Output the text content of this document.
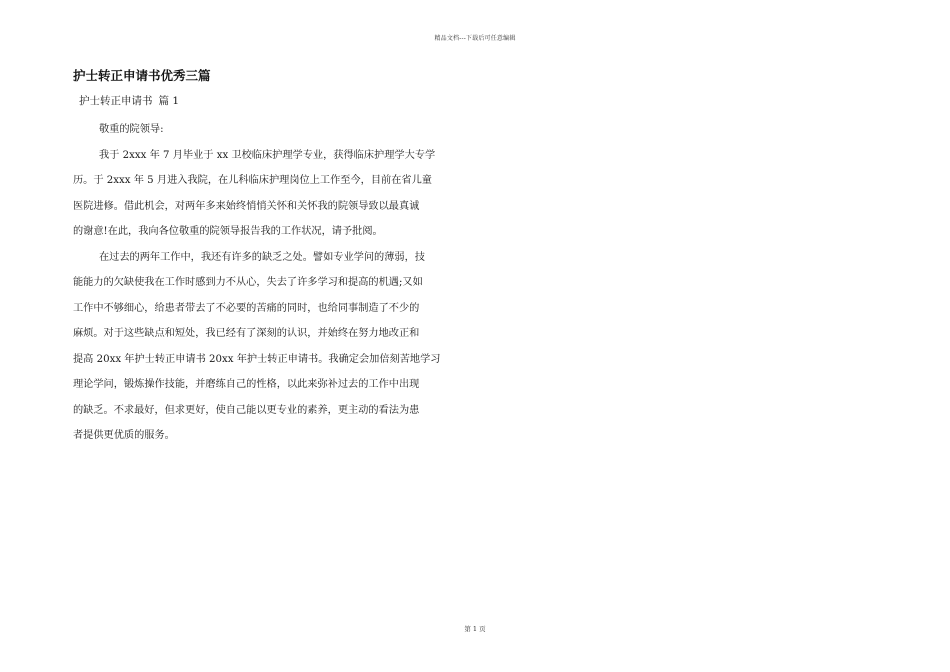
精品文档---下载后可任意编辑
护士转正申请书优秀三篇
护士转正申请书 篇 1
敬重的院领导:
我于 2xxx 年 7 月毕业于 xx 卫校临床护理学专业，获得临床护理学大专学
历。于 2xxx 年 5 月进入我院，在儿科临床护理岗位上工作至今，目前在省儿童
医院进修。借此机会，对两年多来始终悄悄关怀和关怀我的院领导致以最真诚
的谢意!在此，我向各位敬重的院领导报告我的工作状况，请予批阅。
在过去的两年工作中，我还有许多的缺乏之处。譬如专业学问的薄弱，技
能能力的欠缺使我在工作时感到力不从心，失去了许多学习和提高的机遇;又如
工作中不够细心，给患者带去了不必要的苦痛的同时，也给同事制造了不少的
麻烦。对于这些缺点和短处，我已经有了深刻的认识，并始终在努力地改正和
提高 20xx 年护士转正申请书 20xx 年护士转正申请书。我确定会加倍刻苦地学习
理论学问，锻炼操作技能，并磨练自己的性格，以此来弥补过去的工作中出现
的缺乏。不求最好，但求更好，使自己能以更专业的素养，更主动的看法为患
者提供更优质的服务。
第 1 页
